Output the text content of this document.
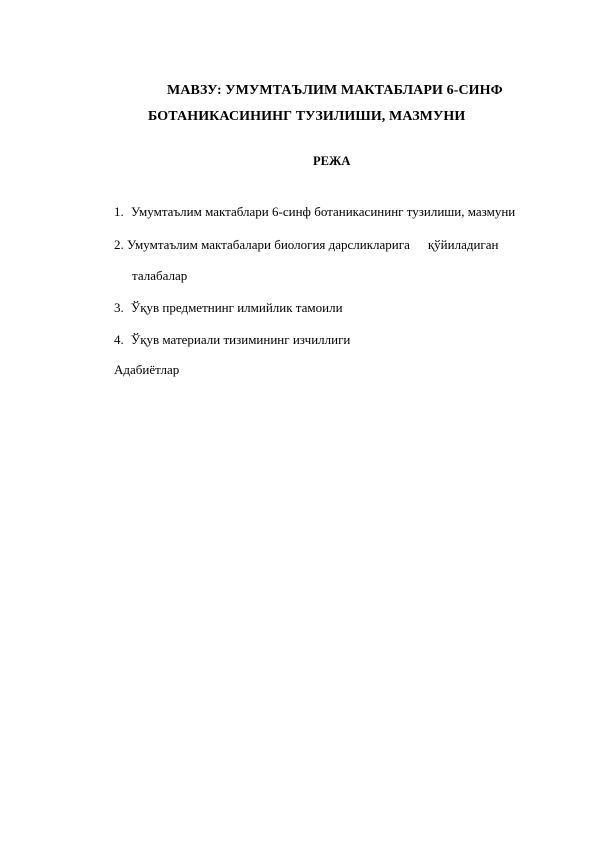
МАВЗУ: УМУМТАЪЛИМ МАКТАБЛАРИ 6-СИНФ
БОТАНИКАСИНИНГ ТУЗИЛИШИ, МАЗМУНИ
РЕЖА
1. Умумтаълим мактаблари 6-синф ботаникасининг тузилиши, мазмуни
2. Умумтаълим мактабалари биология дарсликларига қўйиладиган
талабалар
3. Ўқув предметнинг илмийлик тамоили
4. Ўқув материали тизимининг изчиллиги
Адабиётлар
